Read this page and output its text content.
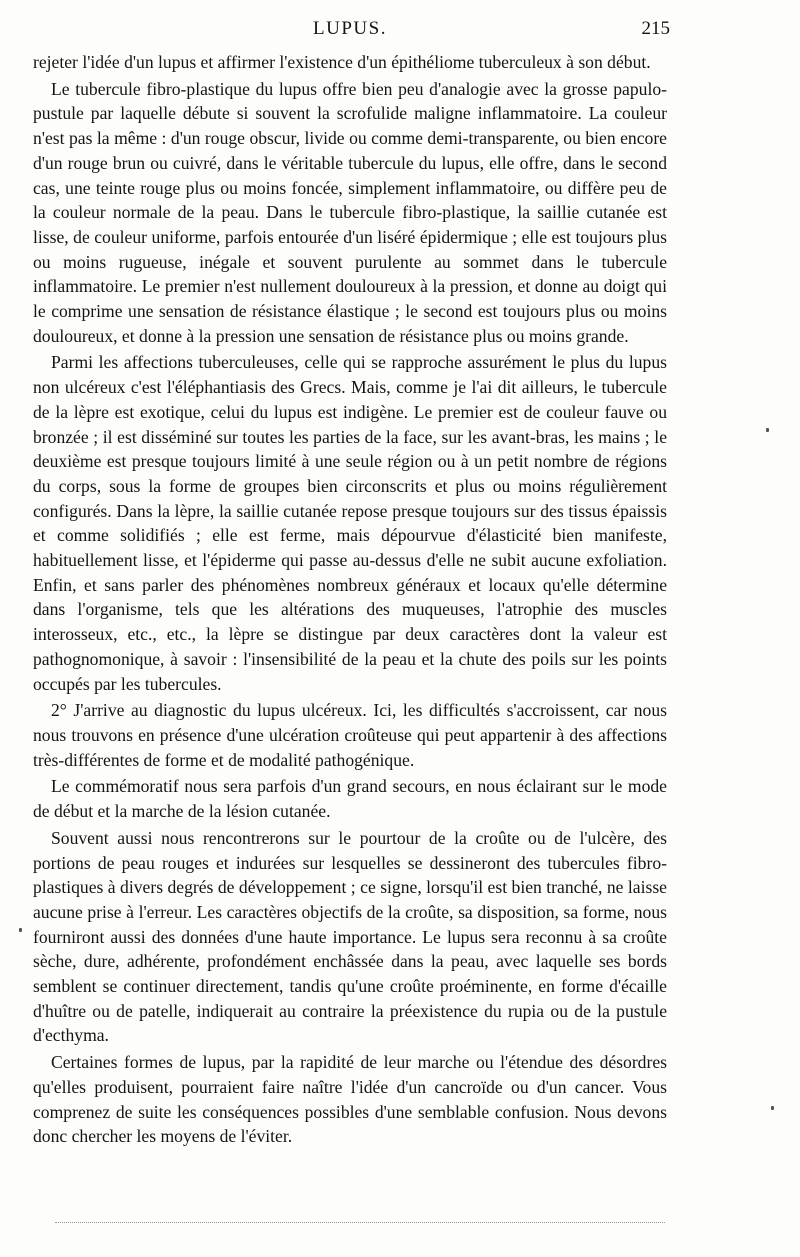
LUPUS.	215

rejeter l'idée d'un lupus et affirmer l'existence d'un épithéliome tuberculeux à son début.

Le tubercule fibro-plastique du lupus offre bien peu d'analogie avec la grosse papulo-pustule par laquelle débute si souvent la scrofulide maligne inflammatoire. La couleur n'est pas la même : d'un rouge obscur, livide ou comme demi-transparente, ou bien encore d'un rouge brun ou cuivré, dans le véritable tubercule du lupus, elle offre, dans le second cas, une teinte rouge plus ou moins foncée, simplement inflammatoire, ou diffère peu de la couleur normale de la peau. Dans le tubercule fibro-plastique, la saillie cutanée est lisse, de couleur uniforme, parfois entourée d'un liséré épidermique ; elle est toujours plus ou moins rugueuse, inégale et souvent purulente au sommet dans le tubercule inflammatoire. Le premier n'est nullement douloureux à la pression, et donne au doigt qui le comprime une sensation de résistance élastique ; le second est toujours plus ou moins douloureux, et donne à la pression une sensation de résistance plus ou moins grande.

Parmi les affections tuberculeuses, celle qui se rapproche assurément le plus du lupus non ulcéreux c'est l'éléphantiasis des Grecs. Mais, comme je l'ai dit ailleurs, le tubercule de la lèpre est exotique, celui du lupus est indigène. Le premier est de couleur fauve ou bronzée ; il est disséminé sur toutes les parties de la face, sur les avant-bras, les mains ; le deuxième est presque toujours limité à une seule région ou à un petit nombre de régions du corps, sous la forme de groupes bien circonscrits et plus ou moins régulièrement configurés. Dans la lèpre, la saillie cutanée repose presque toujours sur des tissus épaissis et comme solidifiés ; elle est ferme, mais dépourvue d'élasticité bien manifeste, habituellement lisse, et l'épiderme qui passe au-dessus d'elle ne subit aucune exfoliation. Enfin, et sans parler des phénomènes nombreux généraux et locaux qu'elle détermine dans l'organisme, tels que les altérations des muqueuses, l'atrophie des muscles interosseux, etc., etc., la lèpre se distingue par deux caractères dont la valeur est pathognomonique, à savoir : l'insensibilité de la peau et la chute des poils sur les points occupés par les tubercules.

2° J'arrive au diagnostic du lupus ulcéreux. Ici, les difficultés s'accroissent, car nous nous trouvons en présence d'une ulcération croûteuse qui peut appartenir à des affections très-différentes de forme et de modalité pathogénique.

Le commémoratif nous sera parfois d'un grand secours, en nous éclairant sur le mode de début et la marche de la lésion cutanée.

Souvent aussi nous rencontrerons sur le pourtour de la croûte ou de l'ulcère, des portions de peau rouges et indurées sur lesquelles se dessineront des tubercules fibro-plastiques à divers degrés de développement ; ce signe, lorsqu'il est bien tranché, ne laisse aucune prise à l'erreur. Les caractères objectifs de la croûte, sa disposition, sa forme, nous fourniront aussi des données d'une haute importance. Le lupus sera reconnu à sa croûte sèche, dure, adhérente, profondément enchâssée dans la peau, avec laquelle ses bords semblent se continuer directement, tandis qu'une croûte proéminente, en forme d'écaille d'huître ou de patelle, indiquerait au contraire la préexistence du rupia ou de la pustule d'ecthyma.

Certaines formes de lupus, par la rapidité de leur marche ou l'étendue des désordres qu'elles produisent, pourraient faire naître l'idée d'un cancroïde ou d'un cancer. Vous comprenez de suite les conséquences possibles d'une semblable confusion. Nous devons donc chercher les moyens de l'éviter.
